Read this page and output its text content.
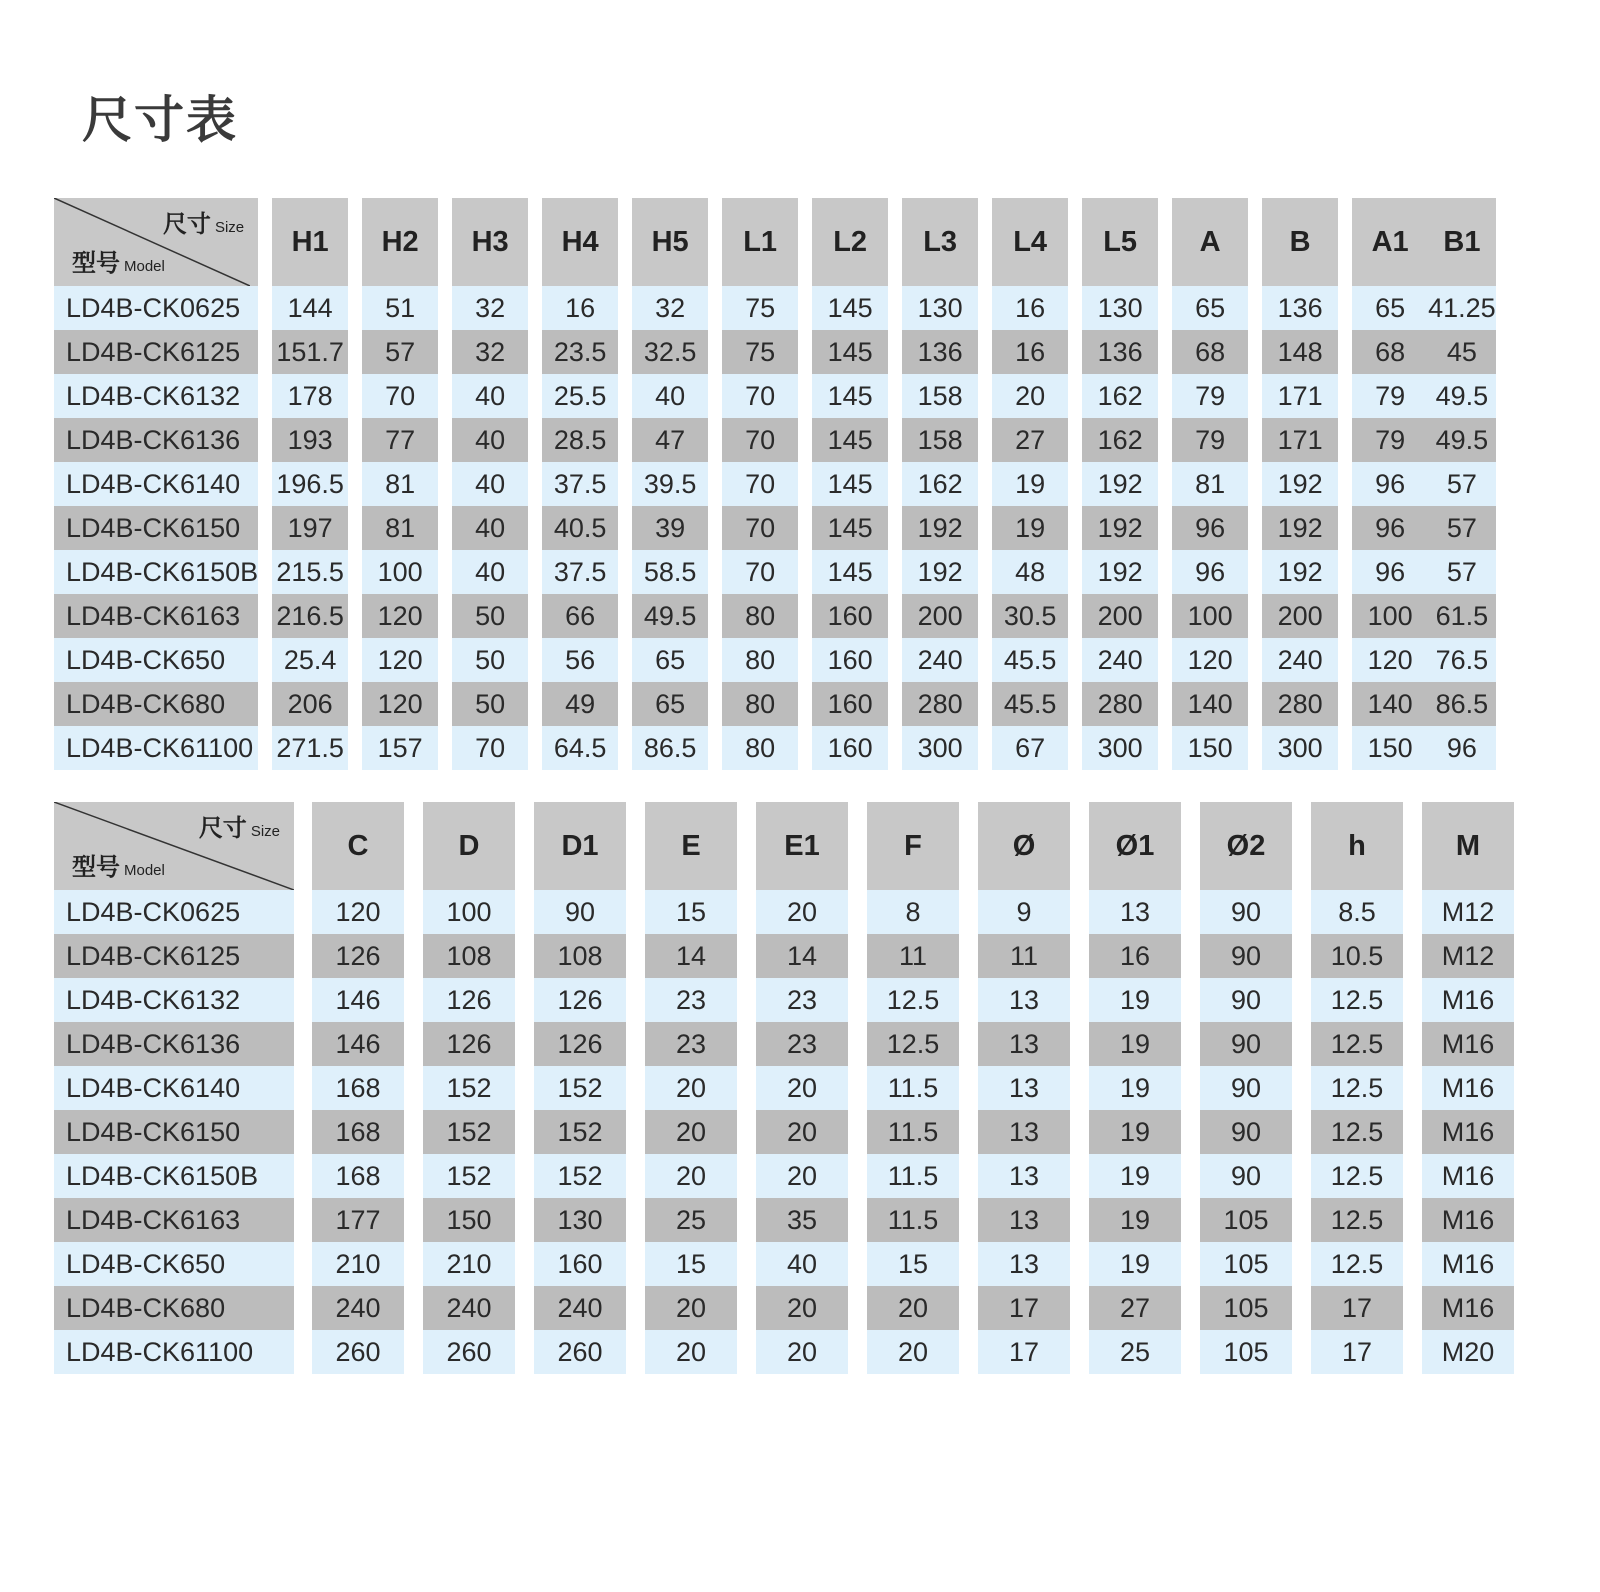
尺寸表
尺寸 Size
型号 Model		H1		H2		H3		H4		H5		L1		L2		L3		L4		L5		A		B		A1		B1
LD4B-CK0625		144		51		32		16		32		75		145		130		16		130		65		136		65		41.25
LD4B-CK6125		151.7		57		32		23.5		32.5		75		145		136		16		136		68		148		68		45
LD4B-CK6132		178		70		40		25.5		40		70		145		158		20		162		79		171		79		49.5
LD4B-CK6136		193		77		40		28.5		47		70		145		158		27		162		79		171		79		49.5
LD4B-CK6140		196.5		81		40		37.5		39.5		70		145		162		19		192		81		192		96		57
LD4B-CK6150		197		81		40		40.5		39		70		145		192		19		192		96		192		96		57
LD4B-CK6150B		215.5		100		40		37.5		58.5		70		145		192		48		192		96		192		96		57
LD4B-CK6163		216.5		120		50		66		49.5		80		160		200		30.5		200		100		200		100		61.5
LD4B-CK650		25.4		120		50		56		65		80		160		240		45.5		240		120		240		120		76.5
LD4B-CK680		206		120		50		49		65		80		160		280		45.5		280		140		280		140		86.5
LD4B-CK61100		271.5		157		70		64.5		86.5		80		160		300		67		300		150		300		150		96
尺寸 Size
型号 Model		C		D		D1		E		E1		F		Ø		Ø1		Ø2		h		M
LD4B-CK0625		120		100		90		15		20		8		9		13		90		8.5		M12
LD4B-CK6125		126		108		108		14		14		11		11		16		90		10.5		M12
LD4B-CK6132		146		126		126		23		23		12.5		13		19		90		12.5		M16
LD4B-CK6136		146		126		126		23		23		12.5		13		19		90		12.5		M16
LD4B-CK6140		168		152		152		20		20		11.5		13		19		90		12.5		M16
LD4B-CK6150		168		152		152		20		20		11.5		13		19		90		12.5		M16
LD4B-CK6150B		168		152		152		20		20		11.5		13		19		90		12.5		M16
LD4B-CK6163		177		150		130		25		35		11.5		13		19		105		12.5		M16
LD4B-CK650		210		210		160		15		40		15		13		19		105		12.5		M16
LD4B-CK680		240		240		240		20		20		20		17		27		105		17		M16
LD4B-CK61100		260		260		260		20		20		20		17		25		105		17		M20
